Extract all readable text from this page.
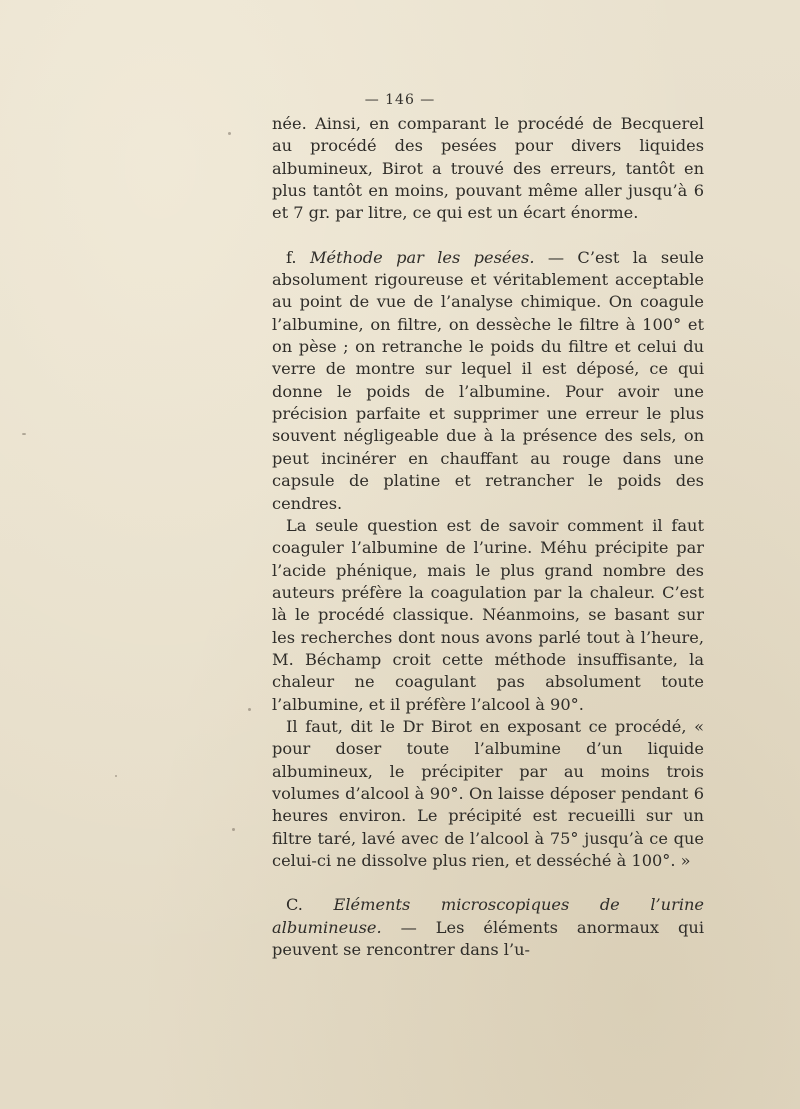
— 146 —

née. Ainsi, en comparant le procédé de Becquerel au procédé des pesées pour divers liquides albumineux, Birot a trouvé des erreurs, tantôt en plus tantôt en moins, pouvant même aller jusqu’à 6 et 7 gr. par litre, ce qui est un écart énorme.

f. Méthode par les pesées. — C’est la seule absolument rigoureuse et véritablement acceptable au point de vue de l’analyse chimique. On coagule l’albumine, on filtre, on dessèche le filtre à 100° et on pèse ; on retranche le poids du filtre et celui du verre de montre sur lequel il est déposé, ce qui donne le poids de l’albumine. Pour avoir une précision parfaite et supprimer une erreur le plus souvent négligeable due à la présence des sels, on peut incinérer en chauffant au rouge dans une capsule de platine et retrancher le poids des cendres.

La seule question est de savoir comment il faut coaguler l’albumine de l’urine. Méhu précipite par l’acide phénique, mais le plus grand nombre des auteurs préfère la coagulation par la chaleur. C’est là le procédé classique. Néanmoins, se basant sur les recherches dont nous avons parlé tout à l’heure, M. Béchamp croit cette méthode insuffisante, la chaleur ne coagulant pas absolument toute l’albumine, et il préfère l’alcool à 90°.

Il faut, dit le Dr Birot en exposant ce procédé, « pour doser toute l’albumine d’un liquide albumineux, le précipiter par au moins trois volumes d’alcool à 90°. On laisse déposer pendant 6 heures environ. Le précipité est recueilli sur un filtre taré, lavé avec de l’alcool à 75° jusqu’à ce que celui-ci ne dissolve plus rien, et desséché à 100°. »

C. Eléments microscopiques de l’urine albumineuse. — Les éléments anormaux qui peuvent se rencontrer dans l’u-
